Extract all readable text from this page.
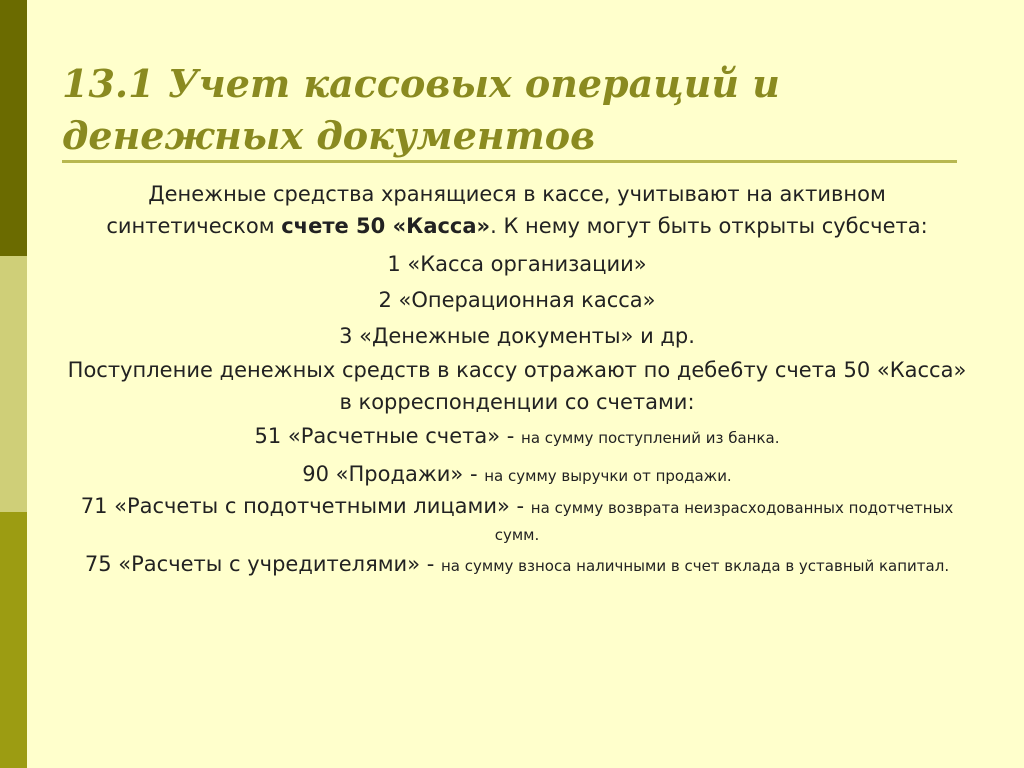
13.1 Учет кассовых операций и денежных документов

Денежные средства хранящиеся в кассе, учитывают на активном синтетическом счете 50 «Касса». К нему могут быть открыты субсчета:

1 «Касса организации»

2 «Операционная касса»

3 «Денежные документы» и др.

Поступление денежных средств в кассу отражают по дебе6ту счета 50 «Касса» в корреспонденции со счетами:

51 «Расчетные счета» - на сумму поступлений из банка.

90 «Продажи» - на сумму выручки от продажи.

71 «Расчеты с подотчетными лицами» - на сумму возврата неизрасходованных подотчетных сумм.

75 «Расчеты с учредителями» - на сумму взноса наличными в счет вклада в уставный капитал.
